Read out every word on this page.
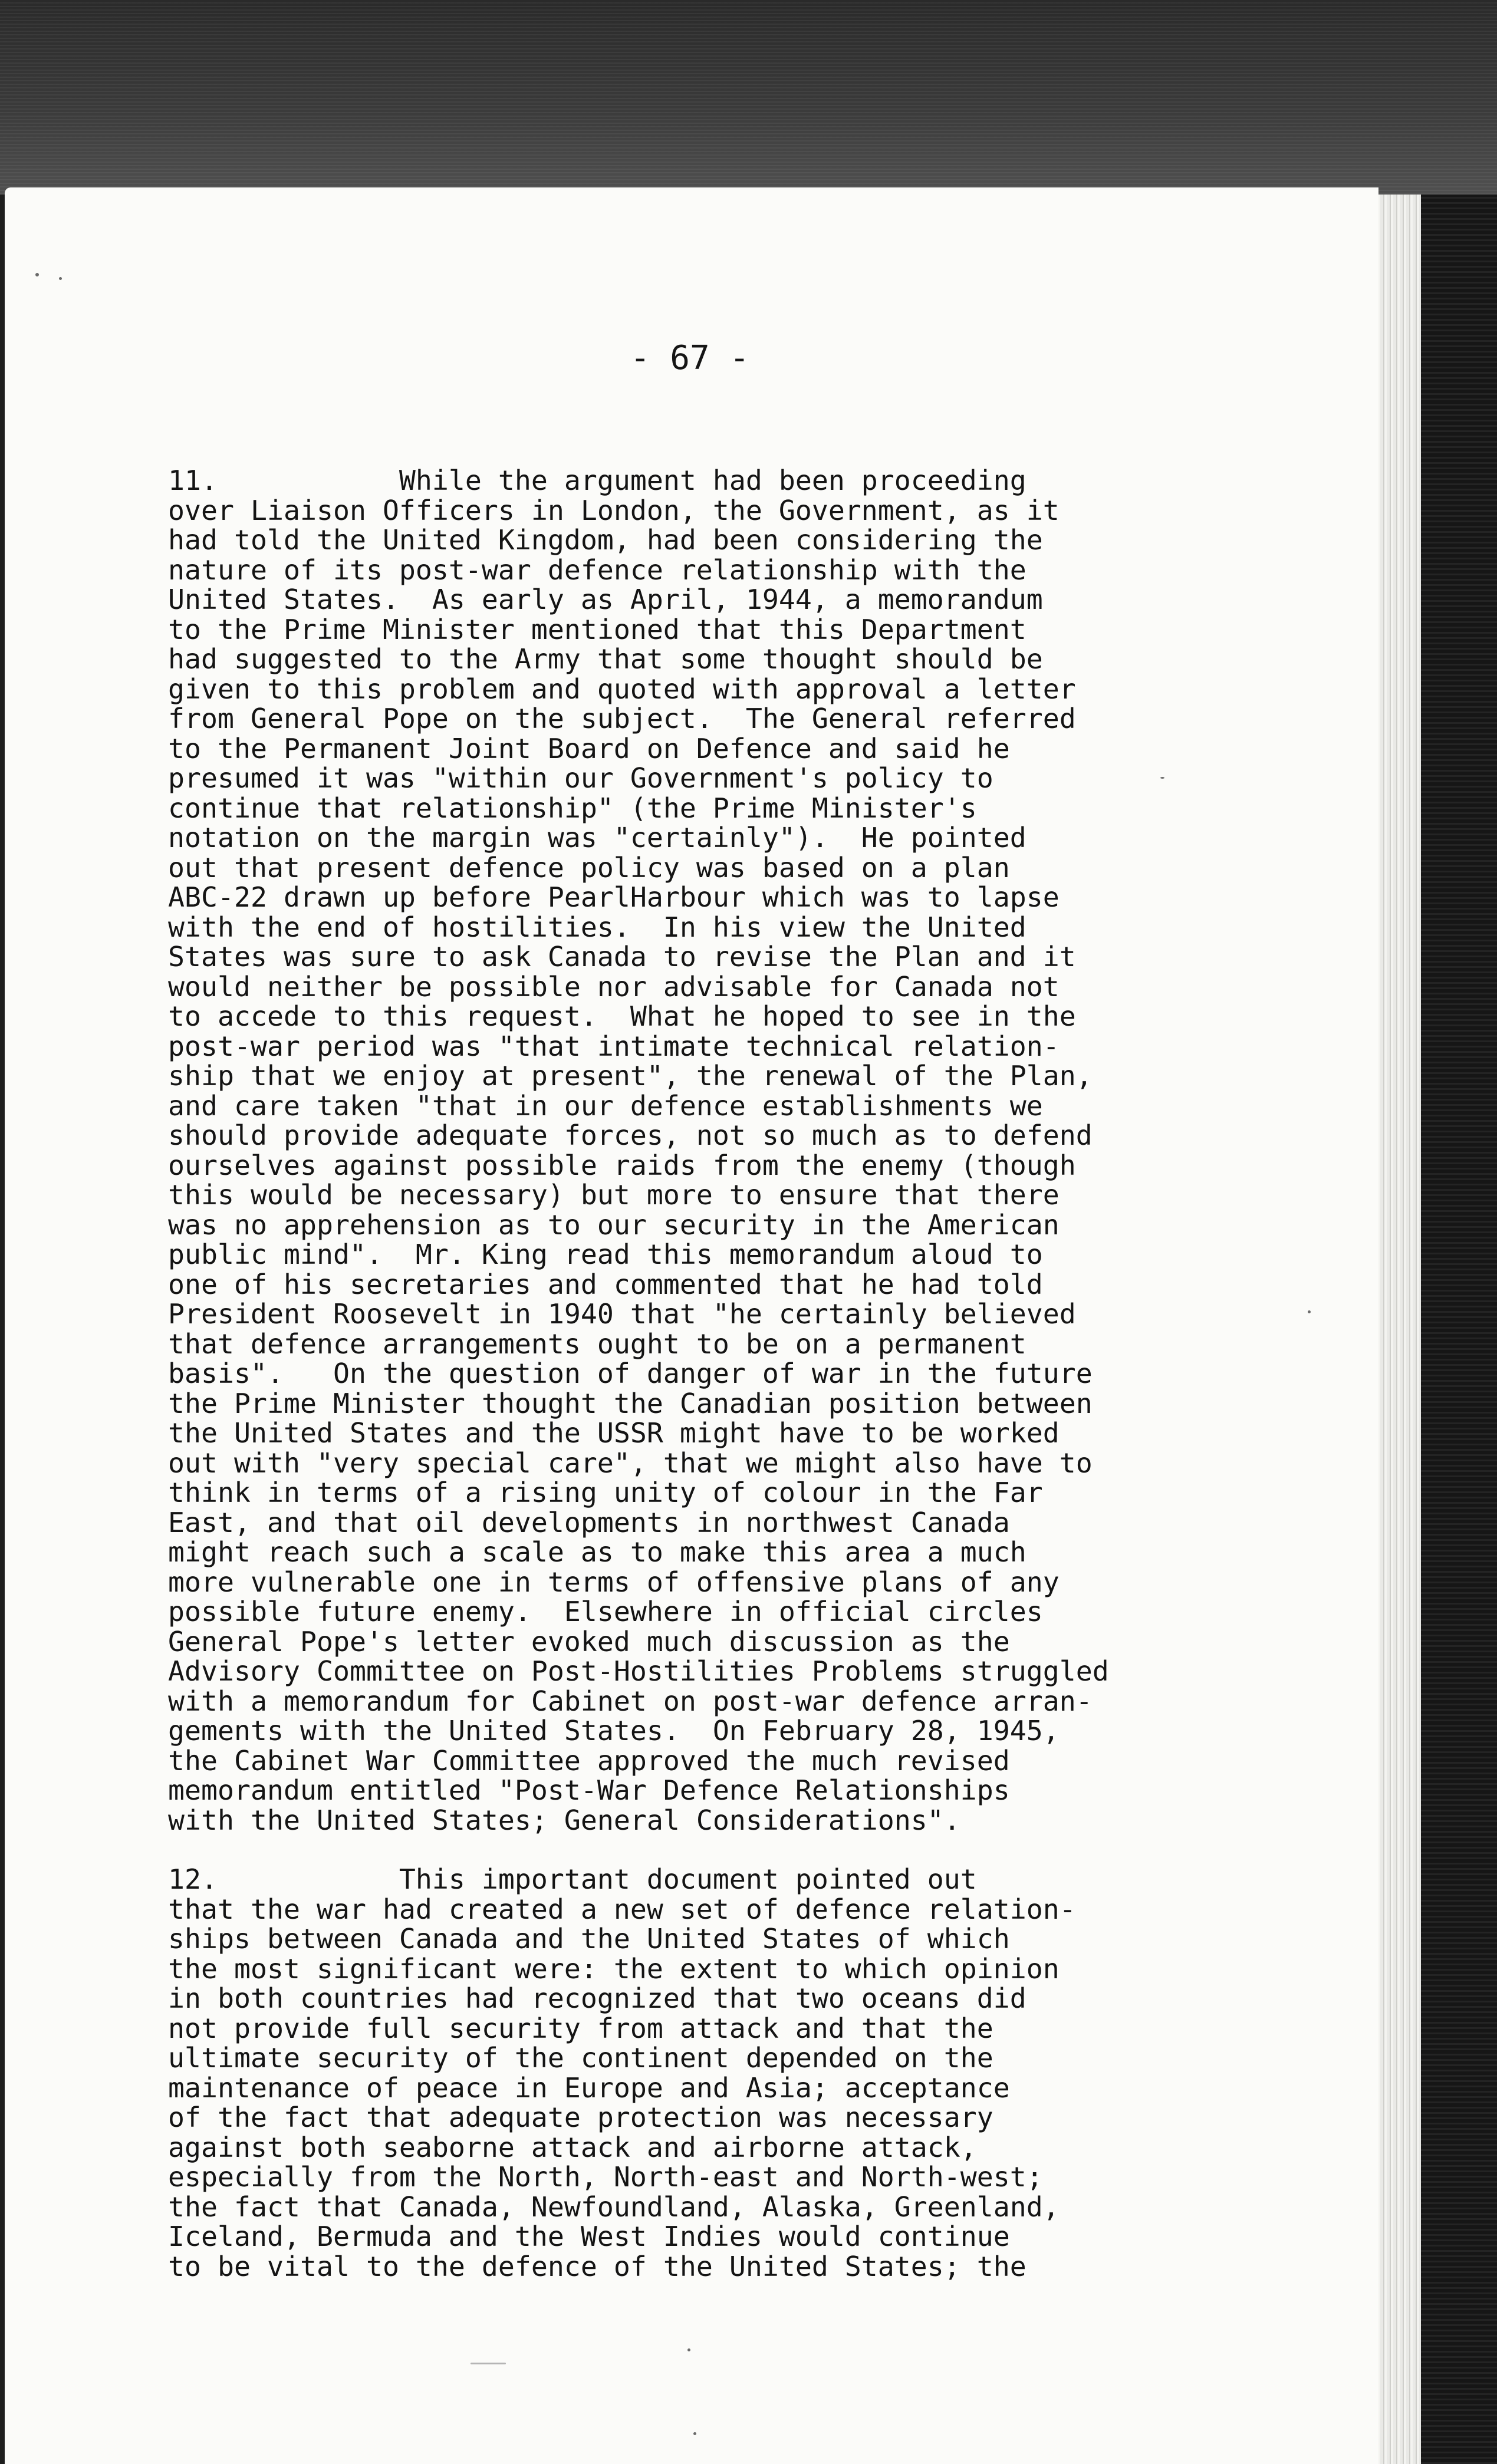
- 67 -
11.           While the argument had been proceeding
over Liaison Officers in London, the Government, as it
had told the United Kingdom, had been considering the
nature of its post-war defence relationship with the
United States.  As early as April, 1944, a memorandum
to the Prime Minister mentioned that this Department
had suggested to the Army that some thought should be
given to this problem and quoted with approval a letter
from General Pope on the subject.  The General referred
to the Permanent Joint Board on Defence and said he
presumed it was "within our Government's policy to
continue that relationship" (the Prime Minister's
notation on the margin was "certainly").  He pointed
out that present defence policy was based on a plan
ABC-22 drawn up before PearlHarbour which was to lapse
with the end of hostilities.  In his view the United
States was sure to ask Canada to revise the Plan and it
would neither be possible nor advisable for Canada not
to accede to this request.  What he hoped to see in the
post-war period was "that intimate technical relation-
ship that we enjoy at present", the renewal of the Plan,
and care taken "that in our defence establishments we
should provide adequate forces, not so much as to defend
ourselves against possible raids from the enemy (though
this would be necessary) but more to ensure that there
was no apprehension as to our security in the American
public mind".  Mr. King read this memorandum aloud to
one of his secretaries and commented that he had told
President Roosevelt in 1940 that "he certainly believed
that defence arrangements ought to be on a permanent
basis".   On the question of danger of war in the future
the Prime Minister thought the Canadian position between
the United States and the USSR might have to be worked
out with "very special care", that we might also have to
think in terms of a rising unity of colour in the Far
East, and that oil developments in northwest Canada
might reach such a scale as to make this area a much
more vulnerable one in terms of offensive plans of any
possible future enemy.  Elsewhere in official circles
General Pope's letter evoked much discussion as the
Advisory Committee on Post-Hostilities Problems struggled
with a memorandum for Cabinet on post-war defence arran-
gements with the United States.  On February 28, 1945,
the Cabinet War Committee approved the much revised
memorandum entitled "Post-War Defence Relationships
with the United States; General Considerations".
12.           This important document pointed out
that the war had created a new set of defence relation-
ships between Canada and the United States of which
the most significant were: the extent to which opinion
in both countries had recognized that two oceans did
not provide full security from attack and that the
ultimate security of the continent depended on the
maintenance of peace in Europe and Asia; acceptance
of the fact that adequate protection was necessary
against both seaborne attack and airborne attack,
especially from the North, North-east and North-west;
the fact that Canada, Newfoundland, Alaska, Greenland,
Iceland, Bermuda and the West Indies would continue
to be vital to the defence of the United States; the
